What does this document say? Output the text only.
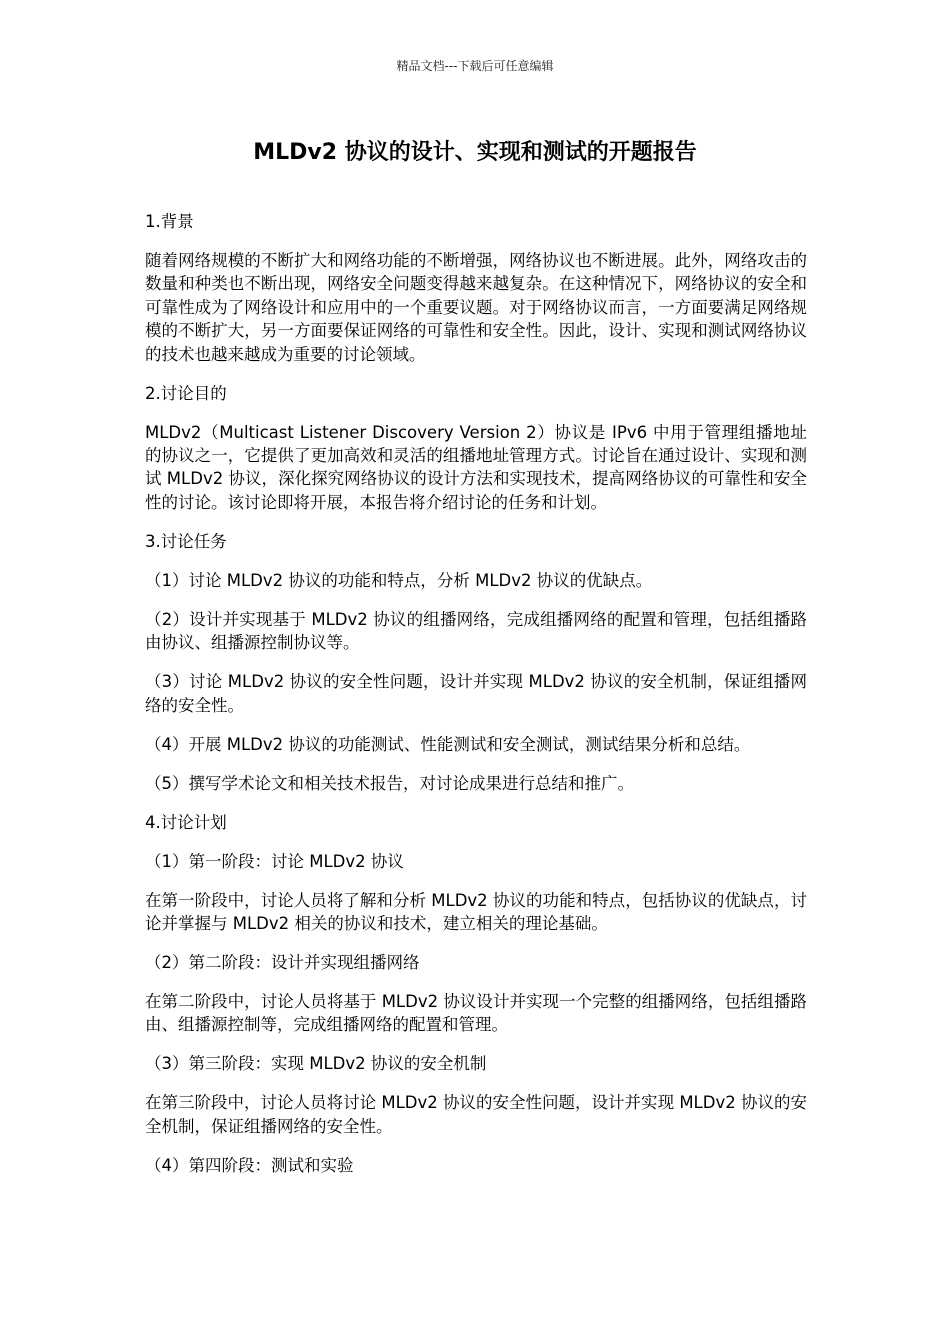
精品文档---下载后可任意编辑
MLDv2 协议的设计、实现和测试的开题报告

1.背景

随着网络规模的不断扩大和网络功能的不断增强，网络协议也不断进展。此外，网络攻击的数量和种类也不断出现，网络安全问题变得越来越复杂。在这种情况下，网络协议的安全和可靠性成为了网络设计和应用中的一个重要议题。对于网络协议而言，一方面要满足网络规模的不断扩大，另一方面要保证网络的可靠性和安全性。因此，设计、实现和测试网络协议的技术也越来越成为重要的讨论领域。

2.讨论目的

MLDv2（Multicast Listener Discovery Version 2）协议是 IPv6 中用于管理组播地址的协议之一，它提供了更加高效和灵活的组播地址管理方式。讨论旨在通过设计、实现和测试 MLDv2 协议，深化探究网络协议的设计方法和实现技术，提高网络协议的可靠性和安全性的讨论。该讨论即将开展，本报告将介绍讨论的任务和计划。

3.讨论任务

（1）讨论 MLDv2 协议的功能和特点，分析 MLDv2 协议的优缺点。

（2）设计并实现基于 MLDv2 协议的组播网络，完成组播网络的配置和管理，包括组播路由协议、组播源控制协议等。

（3）讨论 MLDv2 协议的安全性问题，设计并实现 MLDv2 协议的安全机制，保证组播网络的安全性。

（4）开展 MLDv2 协议的功能测试、性能测试和安全测试，测试结果分析和总结。

（5）撰写学术论文和相关技术报告，对讨论成果进行总结和推广。

4.讨论计划

（1）第一阶段：讨论 MLDv2 协议

在第一阶段中，讨论人员将了解和分析 MLDv2 协议的功能和特点，包括协议的优缺点，讨论并掌握与 MLDv2 相关的协议和技术，建立相关的理论基础。

（2）第二阶段：设计并实现组播网络

在第二阶段中，讨论人员将基于 MLDv2 协议设计并实现一个完整的组播网络，包括组播路由、组播源控制等，完成组播网络的配置和管理。

（3）第三阶段：实现 MLDv2 协议的安全机制

在第三阶段中，讨论人员将讨论 MLDv2 协议的安全性问题，设计并实现 MLDv2 协议的安全机制，保证组播网络的安全性。

（4）第四阶段：测试和实验
